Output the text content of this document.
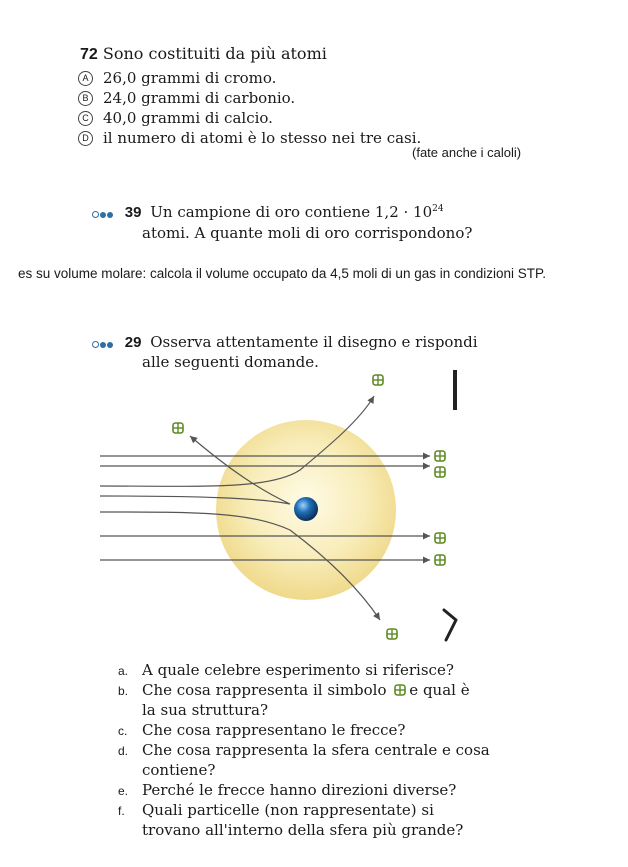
72 Sono costituiti da più atomi
A 26,0 grammi di cromo.
B 24,0 grammi di carbonio.
C 40,0 grammi di calcio.
D il numero di atomi è lo stesso nei tre casi.
(fate anche i caloli)
39 Un campione di oro contiene $1,2 \cdot 10^{24}$
atomi. A quante moli di oro corrispondono?
es su volume molare: calcola il volume occupato da 4,5 moli di un gas in condizioni STP.
29 Osserva attentamente il disegno e rispondi
alle seguenti domande.
a. A quale celebre esperimento si riferisce?
b. Che cosa rappresenta il simbolo e qual è
la sua struttura?
c. Che cosa rappresentano le frecce?
d. Che cosa rappresenta la sfera centrale e cosa
contiene?
e. Perché le frecce hanno direzioni diverse?
f. Quali particelle (non rappresentate) si
trovano all'interno della sfera più grande?
